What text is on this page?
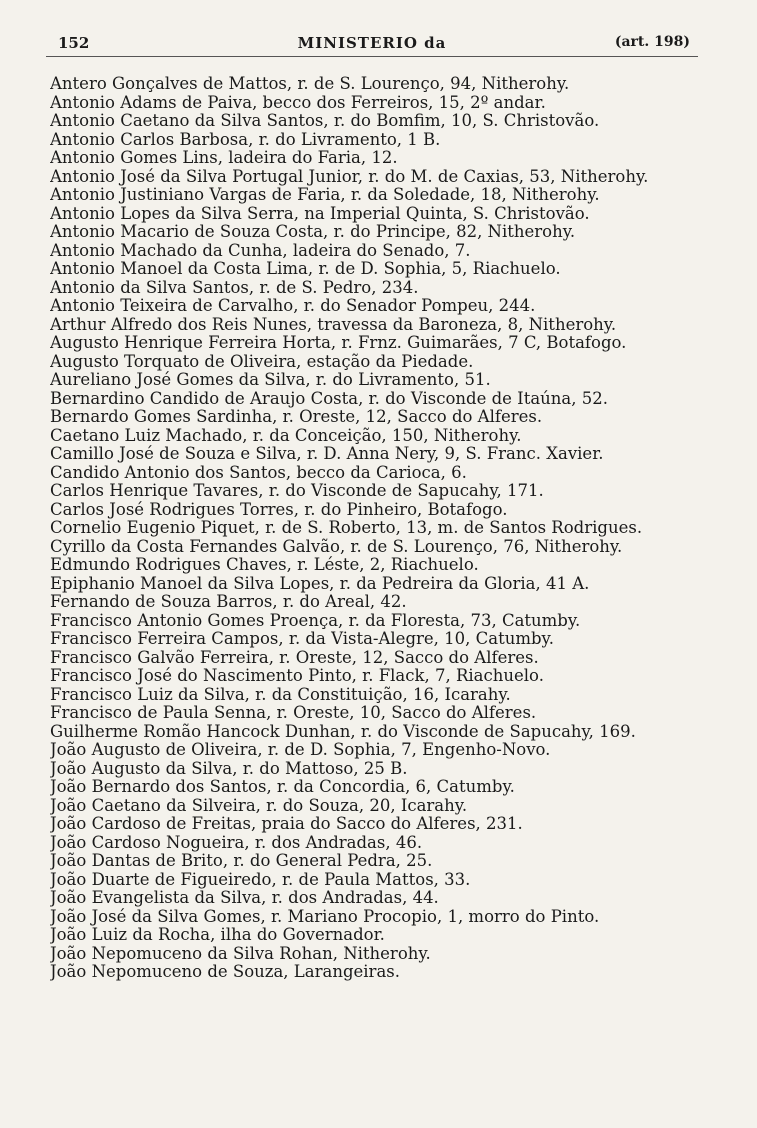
152	MINISTERIO da	(art. 198)
Antero Gonçalves de Mattos, r. de S. Lourenço, 94, Nitherohy.
Antonio Adams de Paiva, becco dos Ferreiros, 15, 2º andar.
Antonio Caetano da Silva Santos, r. do Bomfim, 10, S. Christovão.
Antonio Carlos Barbosa, r. do Livramento, 1 B.
Antonio Gomes Lins, ladeira do Faria, 12.
Antonio José da Silva Portugal Junior, r. do M. de Caxias, 53, Nitherohy.
Antonio Justiniano Vargas de Faria, r. da Soledade, 18, Nitherohy.
Antonio Lopes da Silva Serra, na Imperial Quinta, S. Christovão.
Antonio Macario de Souza Costa, r. do Principe, 82, Nitherohy.
Antonio Machado da Cunha, ladeira do Senado, 7.
Antonio Manoel da Costa Lima, r. de D. Sophia, 5, Riachuelo.
Antonio da Silva Santos, r. de S. Pedro, 234.
Antonio Teixeira de Carvalho, r. do Senador Pompeu, 244.
Arthur Alfredo dos Reis Nunes, travessa da Baroneza, 8, Nitherohy.
Augusto Henrique Ferreira Horta, r. Frnz. Guimarães, 7 C, Botafogo.
Augusto Torquato de Oliveira, estação da Piedade.
Aureliano José Gomes da Silva, r. do Livramento, 51.
Bernardino Candido de Araujo Costa, r. do Visconde de Itaúna, 52.
Bernardo Gomes Sardinha, r. Oreste, 12, Sacco do Alferes.
Caetano Luiz Machado, r. da Conceição, 150, Nitherohy.
Camillo José de Souza e Silva, r. D. Anna Nery, 9, S. Franc. Xavier.
Candido Antonio dos Santos, becco da Carioca, 6.
Carlos Henrique Tavares, r. do Visconde de Sapucahy, 171.
Carlos José Rodrigues Torres, r. do Pinheiro, Botafogo.
Cornelio Eugenio Piquet, r. de S. Roberto, 13, m. de Santos Rodrigues.
Cyrillo da Costa Fernandes Galvão, r. de S. Lourenço, 76, Nitherohy.
Edmundo Rodrigues Chaves, r. Léste, 2, Riachuelo.
Epiphanio Manoel da Silva Lopes, r. da Pedreira da Gloria, 41 A.
Fernando de Souza Barros, r. do Areal, 42.
Francisco Antonio Gomes Proença, r. da Floresta, 73, Catumby.
Francisco Ferreira Campos, r. da Vista-Alegre, 10, Catumby.
Francisco Galvão Ferreira, r. Oreste, 12, Sacco do Alferes.
Francisco José do Nascimento Pinto, r. Flack, 7, Riachuelo.
Francisco Luiz da Silva, r. da Constituição, 16, Icarahy.
Francisco de Paula Senna, r. Oreste, 10, Sacco do Alferes.
Guilherme Romão Hancock Dunhan, r. do Visconde de Sapucahy, 169.
João Augusto de Oliveira, r. de D. Sophia, 7, Engenho-Novo.
João Augusto da Silva, r. do Mattoso, 25 B.
João Bernardo dos Santos, r. da Concordia, 6, Catumby.
João Caetano da Silveira, r. do Souza, 20, Icarahy.
João Cardoso de Freitas, praia do Sacco do Alferes, 231.
João Cardoso Nogueira, r. dos Andradas, 46.
João Dantas de Brito, r. do General Pedra, 25.
João Duarte de Figueiredo, r. de Paula Mattos, 33.
João Evangelista da Silva, r. dos Andradas, 44.
João José da Silva Gomes, r. Mariano Procopio, 1, morro do Pinto.
João Luiz da Rocha, ilha do Governador.
João Nepomuceno da Silva Rohan, Nitherohy.
João Nepomuceno de Souza, Larangeiras.
